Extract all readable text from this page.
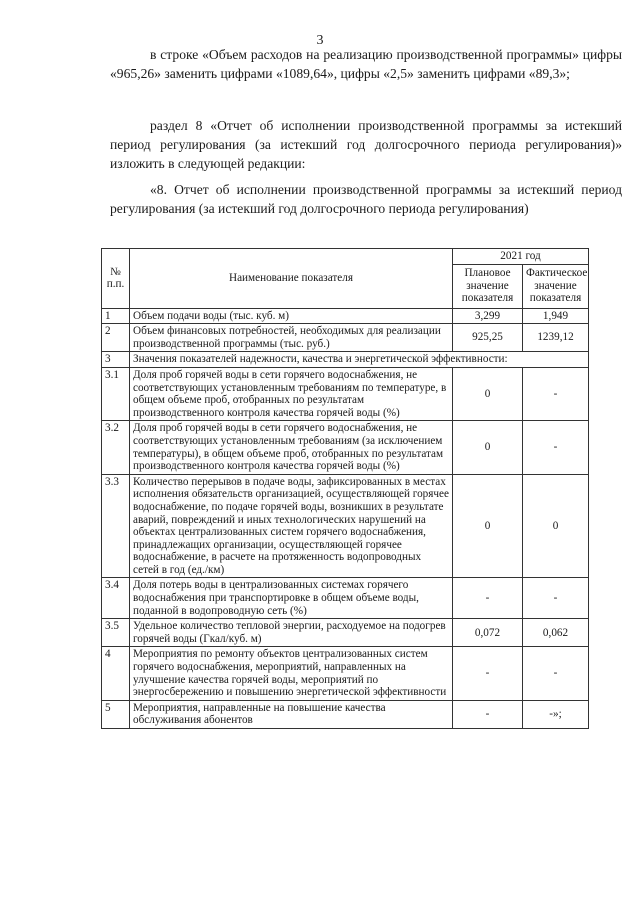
3
в строке «Объем расходов на реализацию производственной программы» цифры «965,26» заменить цифрами «1089,64», цифры «2,5» заменить цифрами «89,3»;
раздел 8 «Отчет об исполнении производственной программы за истекший период регулирования (за истекший год долгосрочного периода регулирования)» изложить в следующей редакции:
«8. Отчет об исполнении производственной программы за истекший период регулирования (за истекший год долгосрочного периода регулирования)
№ п.п.	Наименование показателя	2021 год	
		Плановое значение показателя	Фактическое значение показателя
1	Объем подачи воды (тыс. куб. м)	3,299	1,949
2	Объем финансовых потребностей, необходимых для реализации производственной программы (тыс. руб.)	925,25	1239,12
3	Значения показателей надежности, качества и энергетической эффективности:		
3.1	Доля проб горячей воды в сети горячего водоснабжения, не соответствующих установленным требованиям по температуре, в общем объеме проб, отобранных по результатам производственного контроля качества горячей воды (%)	0	-
3.2	Доля проб горячей воды в сети горячего водоснабжения, не соответствующих установленным требованиям (за исключением температуры), в общем объеме проб, отобранных по результатам производственного контроля качества горячей воды (%)	0	-
3.3	Количество перерывов в подаче воды, зафиксированных в местах исполнения обязательств организацией, осуществляющей горячее водоснабжение, по подаче горячей воды, возникших в результате аварий, повреждений и иных технологических нарушений на объектах централизованных систем горячего водоснабжения, принадлежащих организации, осуществляющей горячее водоснабжение, в расчете на протяженность водопроводных сетей в год (ед./км)	0	0
3.4	Доля потерь воды в централизованных системах горячего водоснабжения при транспортировке в общем объеме воды, поданной в водопроводную сеть (%)	-	-
3.5	Удельное количество тепловой энергии, расходуемое на подогрев горячей воды (Гкал/куб. м)	0,072	0,062
4	Мероприятия по ремонту объектов централизованных систем горячего водоснабжения, мероприятий, направленных на улучшение качества горячей воды, мероприятий по энергосбережению и повышению энергетической эффективности	-	-
5	Мероприятия, направленные на повышение качества обслуживания абонентов	-	-»;
